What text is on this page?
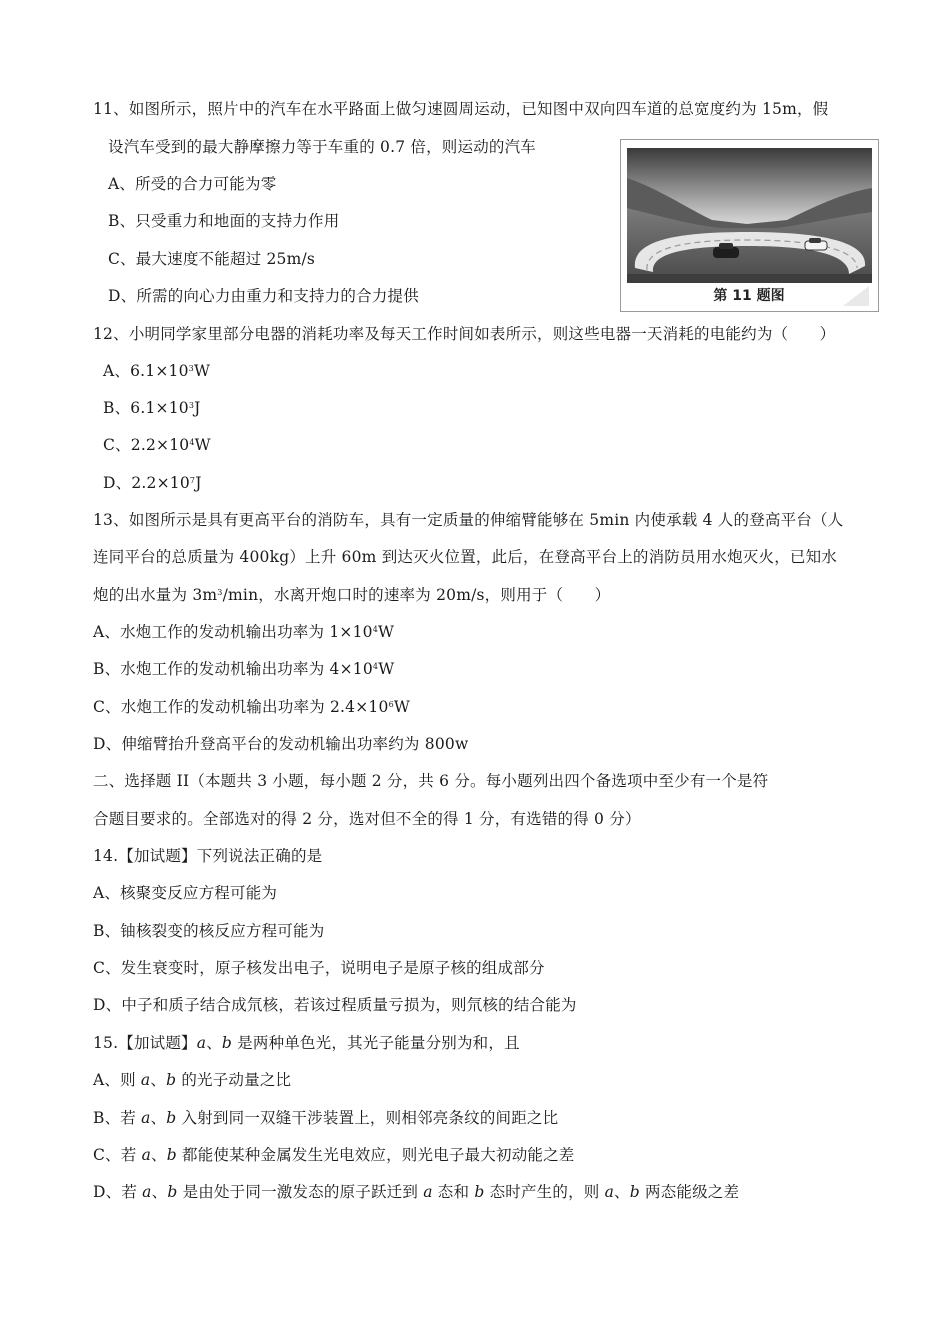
11、如图所示，照片中的汽车在水平路面上做匀速圆周运动，已知图中双向四车道的总宽度约为 15m，假
设汽车受到的最大静摩擦力等于车重的 0.7 倍，则运动的汽车
A、所受的合力可能为零
B、只受重力和地面的支持力作用
C、最大速度不能超过 25m/s
D、所需的向心力由重力和支持力的合力提供	第 11 题图
12、小明同学家里部分电器的消耗功率及每天工作时间如表所示，则这些电器一天消耗的电能约为（　　）
A、$6.1\times 10^3W$
B、$6.1\times 10^3J$
C、$2.2\times 10^4W$
D、$2.2\times 10^7J$
13、如图所示是具有更高平台的消防车，具有一定质量的伸缩臂能够在 5min 内使承载 4 人的登高平台（人
连同平台的总质量为 400kg）上升 60m 到达灭火位置，此后，在登高平台上的消防员用水炮灭火，已知水
炮的出水量为 $3m^3/\min$，水离开炮口时的速率为 20m/s，则用于（　　）
A、水炮工作的发动机输出功率为 $1\times 10^4W$
B、水炮工作的发动机输出功率为 $4\times 10^4W$
C、水炮工作的发动机输出功率为 $2.4\times 10^6W$
D、伸缩臂抬升登高平台的发动机输出功率约为 800w
二、选择题 II（本题共 3 小题，每小题 2 分，共 6 分。每小题列出四个备选项中至少有一个是符
合题目要求的。全部选对的得 2 分，选对但不全的得 1 分，有选错的得 0 分）
14.【加试题】下列说法正确的是
A、核聚变反应方程可能为
B、铀核裂变的核反应方程可能为
C、发生衰变时，原子核发出电子，说明电子是原子核的组成部分
D、中子和质子结合成氘核，若该过程质量亏损为，则氘核的结合能为
15.【加试题】a、b 是两种单色光，其光子能量分别为和，且
A、则 a、b 的光子动量之比
B、若 a、b 入射到同一双缝干涉装置上，则相邻亮条纹的间距之比
C、若 a、b 都能使某种金属发生光电效应，则光电子最大初动能之差
D、若 a、b 是由处于同一激发态的原子跃迁到 a 态和 b 态时产生的，则 a、b 两态能级之差
